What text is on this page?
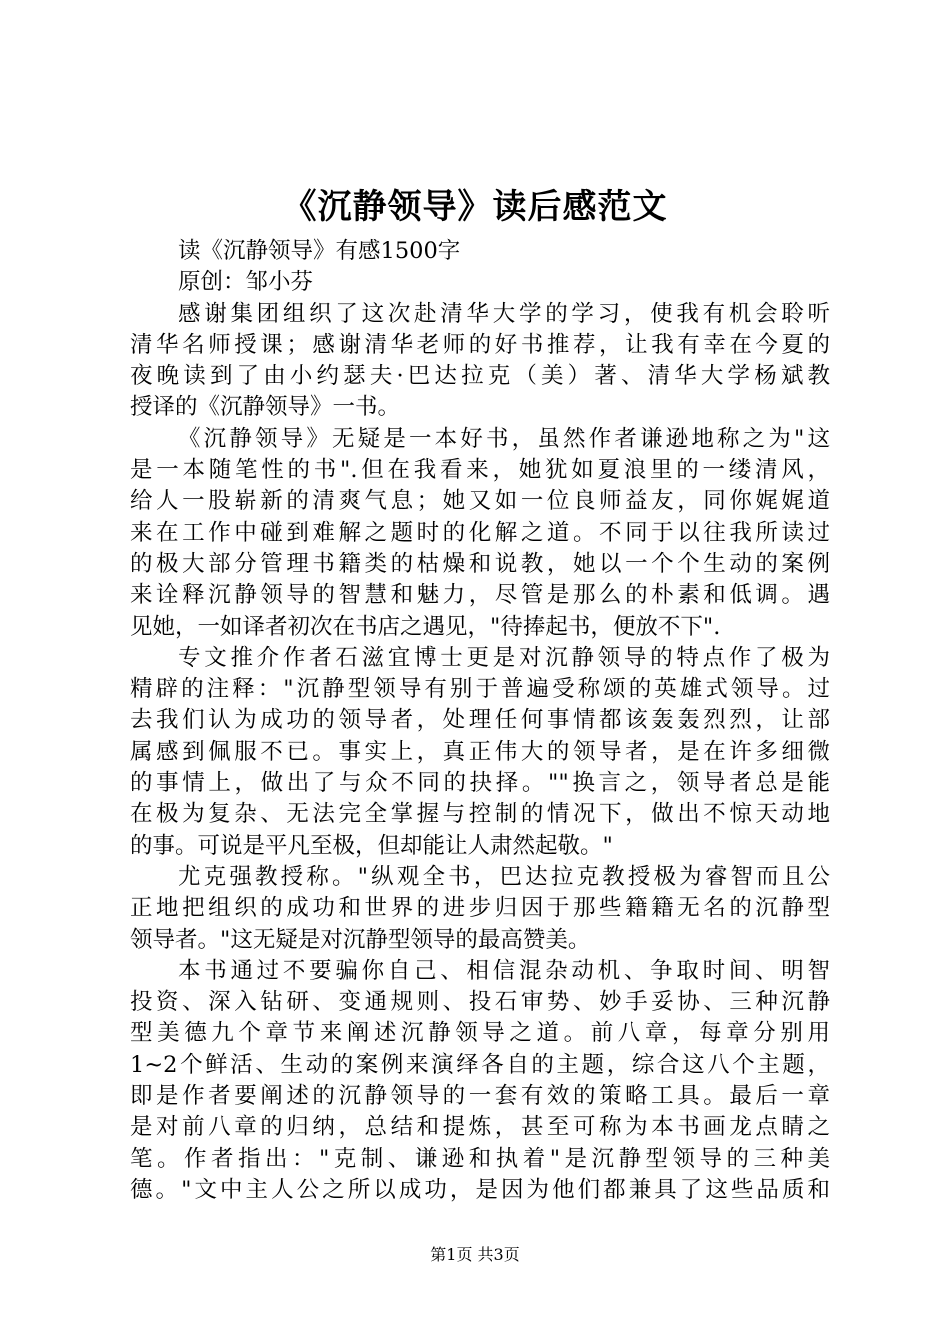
《沉静领导》读后感范文
读《沉静领导》有感1500字
原创：邹小芬
感谢集团组织了这次赴清华大学的学习，使我有机会聆听
清华名师授课；感谢清华老师的好书推荐，让我有幸在今夏的
夜晚读到了由小约瑟夫·巴达拉克（美）著、清华大学杨斌教
授译的《沉静领导》一书。
《沉静领导》无疑是一本好书，虽然作者谦逊地称之为"这
是一本随笔性的书".但在我看来，她犹如夏浪里的一缕清风，
给人一股崭新的清爽气息；她又如一位良师益友，同你娓娓道
来在工作中碰到难解之题时的化解之道。不同于以往我所读过
的极大部分管理书籍类的枯燥和说教，她以一个个生动的案例
来诠释沉静领导的智慧和魅力，尽管是那么的朴素和低调。遇
见她，一如译者初次在书店之遇见，"待捧起书，便放不下".
专文推介作者石滋宜博士更是对沉静领导的特点作了极为
精辟的注释："沉静型领导有别于普遍受称颂的英雄式领导。过
去我们认为成功的领导者，处理任何事情都该轰轰烈烈，让部
属感到佩服不已。事实上，真正伟大的领导者，是在许多细微
的事情上，做出了与众不同的抉择。""换言之，领导者总是能
在极为复杂、无法完全掌握与控制的情况下，做出不惊天动地
的事。可说是平凡至极，但却能让人肃然起敬。"
尤克强教授称。"纵观全书，巴达拉克教授极为睿智而且公
正地把组织的成功和世界的进步归因于那些籍籍无名的沉静型
领导者。"这无疑是对沉静型领导的最高赞美。
本书通过不要骗你自己、相信混杂动机、争取时间、明智
投资、深入钻研、变通规则、投石审势、妙手妥协、三种沉静
型美德九个章节来阐述沉静领导之道。前八章，每章分别用
1~2个鲜活、生动的案例来演绎各自的主题，综合这八个主题，
即是作者要阐述的沉静领导的一套有效的策略工具。最后一章
是对前八章的归纳，总结和提炼，甚至可称为本书画龙点睛之
笔。作者指出："克制、谦逊和执着"是沉静型领导的三种美
德。"文中主人公之所以成功，是因为他们都兼具了这些品质和
第1页 共3页
